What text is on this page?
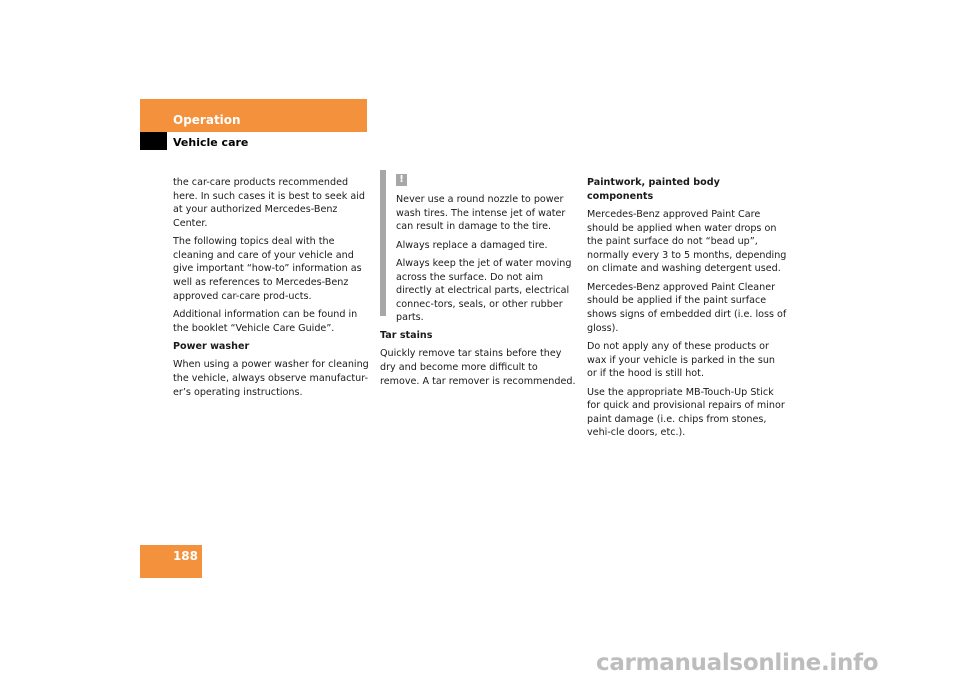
Operation
Vehicle care

the car-care products recommended here. In such cases it is best to seek aid at your authorized Mercedes-Benz Center.

The following topics deal with the cleaning and care of your vehicle and give important “how-to” information as well as references to Mercedes-Benz approved car-care prod-ucts.

Additional information can be found in the booklet “Vehicle Care Guide”.

Power washer

When using a power washer for cleaning the vehicle, always observe manufactur-er’s operating instructions.

!

Never use a round nozzle to power wash tires. The intense jet of water can result in damage to the tire.

Always replace a damaged tire.

Always keep the jet of water moving across the surface. Do not aim directly at electrical parts, electrical connec-tors, seals, or other rubber parts.

Tar stains

Quickly remove tar stains before they dry and become more difficult to remove. A tar remover is recommended.

Paintwork, painted body components

Mercedes-Benz approved Paint Care should be applied when water drops on the paint surface do not “bead up”, normally every 3 to 5 months, depending on climate and washing detergent used.

Mercedes-Benz approved Paint Cleaner should be applied if the paint surface shows signs of embedded dirt (i.e. loss of gloss).

Do not apply any of these products or wax if your vehicle is parked in the sun or if the hood is still hot.

Use the appropriate MB-Touch-Up Stick for quick and provisional repairs of minor paint damage (i.e. chips from stones, vehi-cle doors, etc.).

188
carmanualsonline.info
